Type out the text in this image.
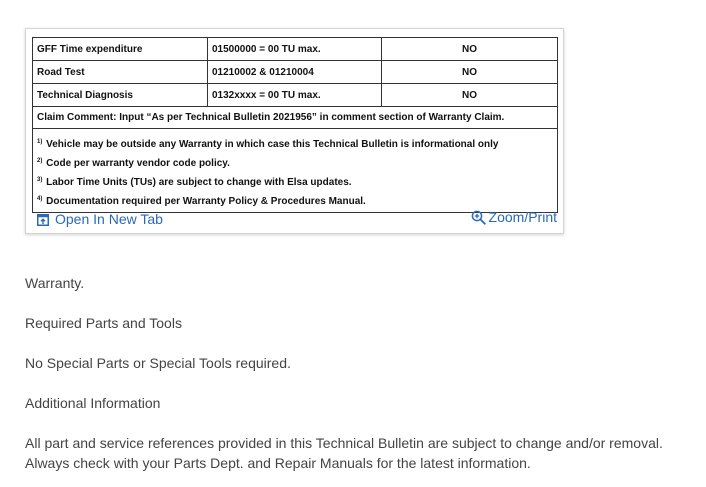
GFF Time expenditure	01500000 = 00 TU max.	NO
Road Test	01210002 & 01210004	NO
Technical Diagnosis	0132xxxx = 00 TU max.	NO
Claim Comment: Input “As per Technical Bulletin 2021956” in comment section of Warranty Claim.		

$^{1)}$ Vehicle may be outside any Warranty in which case this Technical Bulletin is informational only
$^{2)}$ Code per warranty vendor code policy.
$^{3)}$ Labor Time Units (TUs) are subject to change with Elsa updates.
$^{4)}$ Documentation required per Warranty Policy & Procedures Manual.		
Open In New Tab	Zoom/Print

Warranty.

Required Parts and Tools

No Special Parts or Special Tools required.

Additional Information

All part and service references provided in this Technical Bulletin are subject to change and/or removal.
Always check with your Parts Dept. and Repair Manuals for the latest information.
